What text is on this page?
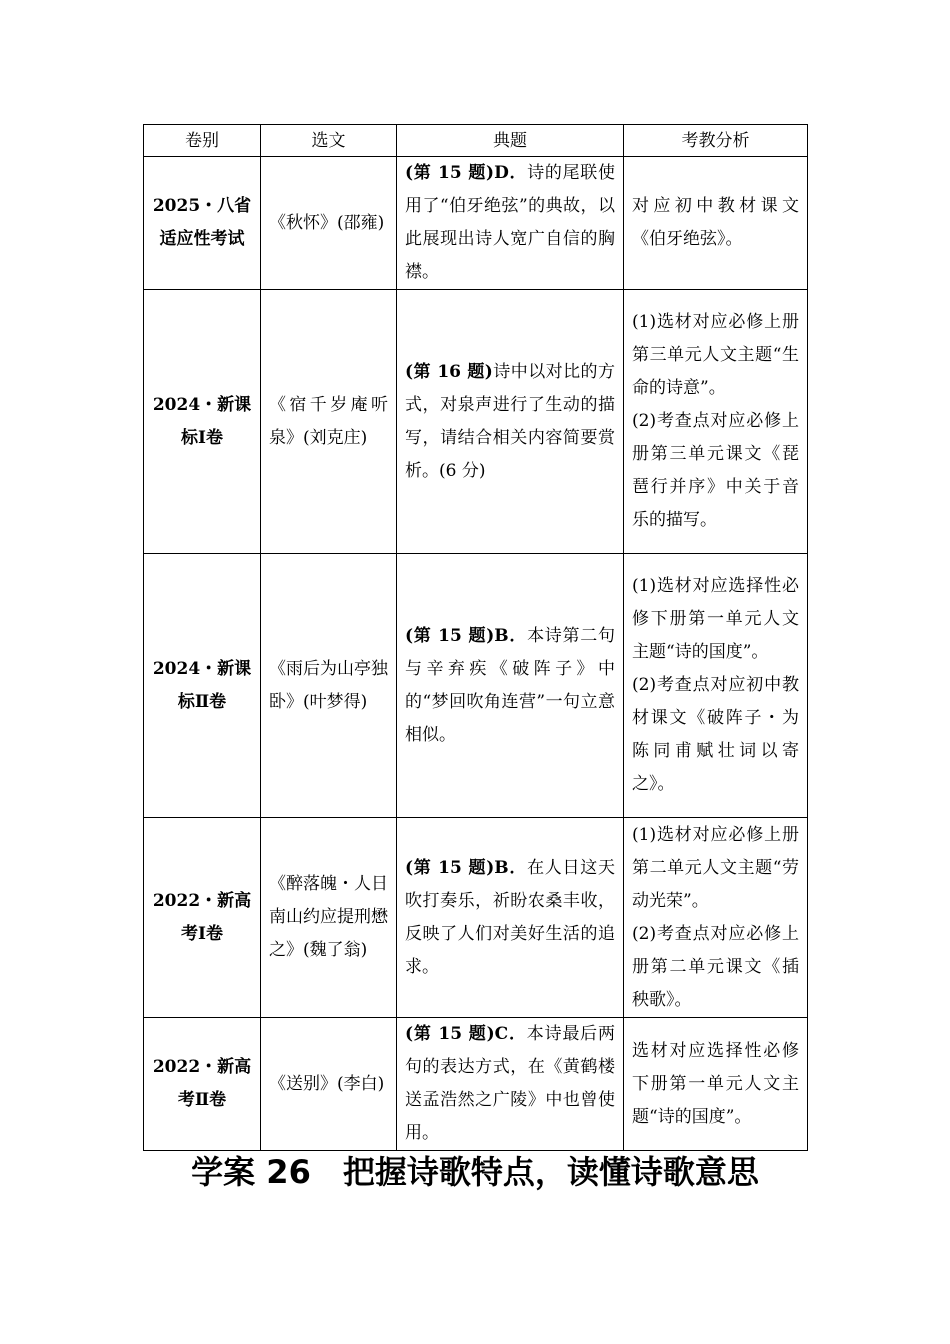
卷别	选文	典题	考教分析
2025・八省适应性考试	《秋怀》(邵雍)	(第 15 题)D．诗的尾联使用了“伯牙绝弦”的典故，以此展现出诗人宽广自信的胸襟。	对应初中教材课文《伯牙绝弦》。

2024・新课标Ⅰ卷	《宿千岁庵听泉》(刘克庄)	(第 16 题)诗中以对比的方式，对泉声进行了生动的描写，请结合相关内容简要赏析。(6 分)	(1)选材对应必修上册第三单元人文主题“生命的诗意”。
(2)考查点对应必修上册第三单元课文《琵琶行并序》中关于音乐的描写。

2024・新课标Ⅱ卷	《雨后为山亭独卧》(叶梦得)	(第 15 题)B．本诗第二句与辛弃疾《破阵子》中的“梦回吹角连营”一句立意相似。	(1)选材对应选择性必修下册第一单元人文主题“诗的国度”。
(2)考查点对应初中教材课文《破阵子・为陈同甫赋壮词以寄之》。

2022・新高考Ⅰ卷	《醉落魄・人日南山约应提刑懋之》(魏了翁)	(第 15 题)B．在人日这天吹打奏乐，祈盼农桑丰收，反映了人们对美好生活的追求。	(1)选材对应必修上册第二单元人文主题“劳动光荣”。
(2)考查点对应必修上册第二单元课文《插秧歌》。

2022・新高考Ⅱ卷	《送别》(李白)	(第 15 题)C．本诗最后两句的表达方式，在《黄鹤楼送孟浩然之广陵》中也曾使用。	选材对应选择性必修下册第一单元人文主题“诗的国度”。
学案 26　把握诗歌特点，读懂诗歌意思
